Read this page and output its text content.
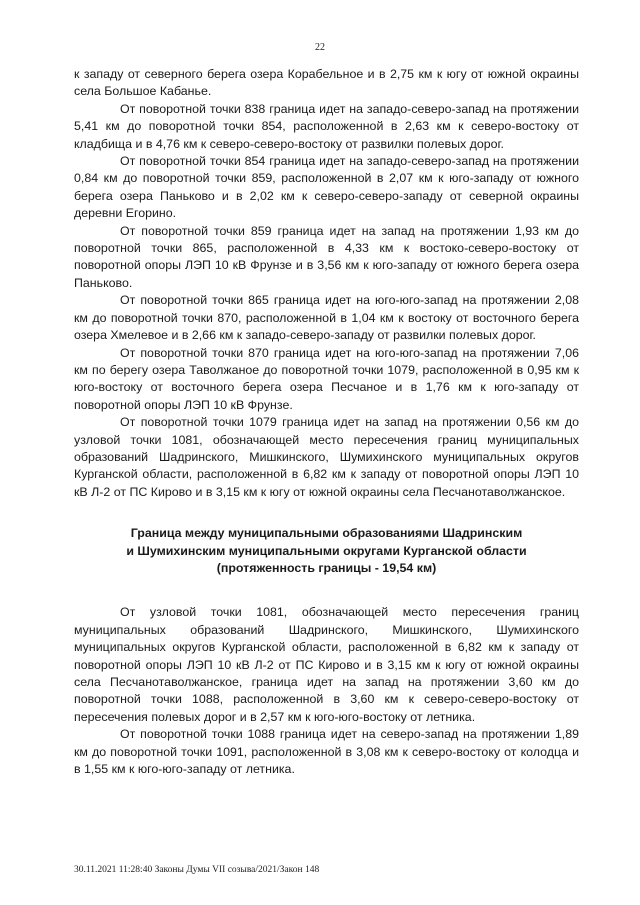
22

к западу от северного берега озера Корабельное и в 2,75 км к югу от южной окраины села Большое Кабанье.

От поворотной точки 838 граница идет на западо-северо-запад на протяжении 5,41 км до поворотной точки 854, расположенной в 2,63 км к северо-востоку от кладбища и в 4,76 км к северо-северо-востоку от развилки полевых дорог.

От поворотной точки 854 граница идет на западо-северо-запад на протяжении 0,84 км до поворотной точки 859, расположенной в 2,07 км к юго-западу от южного берега озера Паньково и в 2,02 км к северо-северо-западу от северной окраины деревни Егорино.

От поворотной точки 859 граница идет на запад на протяжении 1,93 км до поворотной точки 865, расположенной в 4,33 км к востоко-северо-востоку от поворотной опоры ЛЭП 10 кВ Фрунзе и в 3,56 км к юго-западу от южного берега озера Паньково.

От поворотной точки 865 граница идет на юго-юго-запад на протяжении 2,08 км до поворотной точки 870, расположенной в 1,04 км к востоку от восточного берега озера Хмелевое и в 2,66 км к западо-северо-западу от развилки полевых дорог.

От поворотной точки 870 граница идет на юго-юго-запад на протяжении 7,06 км по берегу озера Таволжаное до поворотной точки 1079, расположенной в 0,95 км к юго-востоку от восточного берега озера Песчаное и в 1,76 км к юго-западу от поворотной опоры ЛЭП 10 кВ Фрунзе.

От поворотной точки 1079 граница идет на запад на протяжении 0,56 км до узловой точки 1081, обозначающей место пересечения границ муниципальных образований Шадринского, Мишкинского, Шумихинского муниципальных округов Курганской области, расположенной в 6,82 км к западу от поворотной опоры ЛЭП 10 кВ Л-2 от ПС Кирово и в 3,15 км к югу от южной окраины села Песчанотаволжанское.

Граница между муниципальными образованиями Шадринским
и Шумихинским муниципальными округами Курганской области
(протяженность границы - 19,54 км)

От узловой точки 1081, обозначающей место пересечения границ муниципальных образований Шадринского, Мишкинского, Шумихинского муниципальных округов Курганской области, расположенной в 6,82 км к западу от поворотной опоры ЛЭП 10 кВ Л-2 от ПС Кирово и в 3,15 км к югу от южной окраины села Песчанотаволжанское, граница идет на запад на протяжении 3,60 км до поворотной точки 1088, расположенной в 3,60 км к северо-северо-востоку от пересечения полевых дорог и в 2,57 км к юго-юго-востоку от летника.

От поворотной точки 1088 граница идет на северо-запад на протяжении 1,89 км до поворотной точки 1091, расположенной в 3,08 км к северо-востоку от колодца и в 1,55 км к юго-юго-западу от летника.

30.11.2021 11:28:40 Законы Думы VII созыва/2021/Закон 148
